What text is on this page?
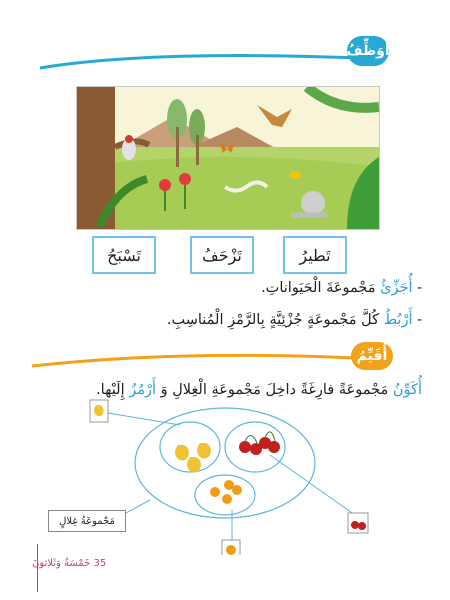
أُوَظِّفُ
تَطيرُ
تَزْحَفُ
تَسْبَحُ
- أُجَزِّئُ مَجْموعَةَ الْحَيَواناتِ.
- أَرْبُطُ كُلَّ مَجْموعَةٍ جُزْئِيَّةٍ بِالرَّمْزِ الْمُناسِبِ.
أُقَيِّمُ
أُكَوِّنُ مَجْموعَةً فارِغَةً داخِلَ مَجْموعَةِ الْغِلالِ وَ أَرْمُزُ إِلَيْها.
مَجْموعَةُ غِلالٍ
35 خَمْسَةٌ وَثَلاثونَ
